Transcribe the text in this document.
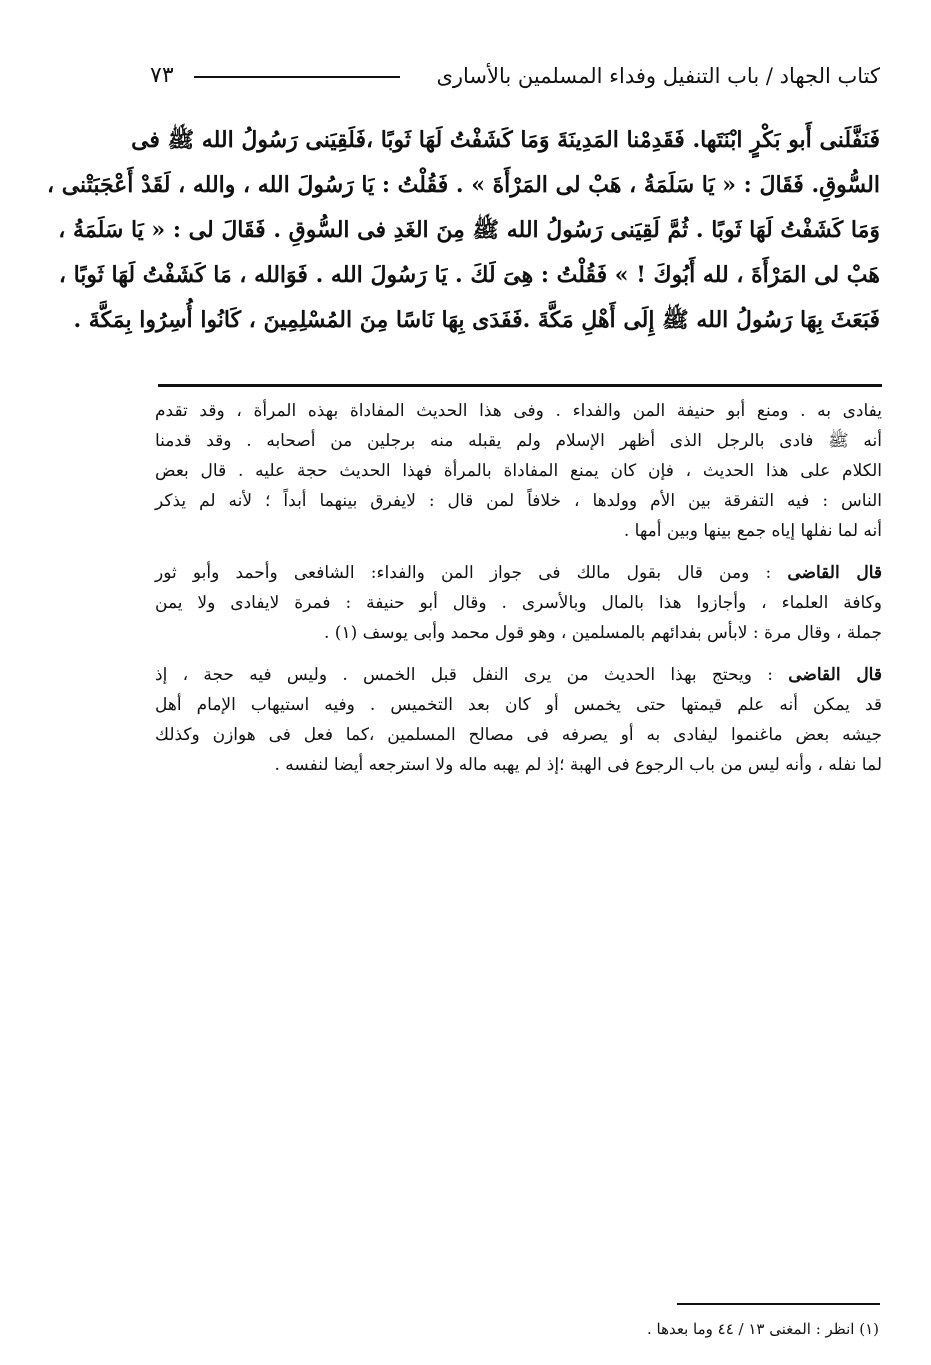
كتاب الجهاد / باب التنفيل وفداء المسلمين بالأسارى
٧٣
فَنَفَّلَنى أَبو بَكْرٍ ابْنَتَها. فَقَدِمْنا المَدِينَةَ وَمَا كَشَفْتُ لَهَا ثَوبًا ،فَلَقِيَنى رَسُولُ الله ﷺ فى
السُّوقِ. فَقَالَ : « يَا سَلَمَةُ ، هَبْ لى المَرْأَةَ » . فَقُلْتُ : يَا رَسُولَ الله ، والله ، لَقَدْ أَعْجَبَتْنى ،
وَمَا كَشَفْتُ لَهَا ثَوبًا . ثُمَّ لَقِيَنى رَسُولُ الله ﷺ مِنَ الغَدِ فى السُّوقِ . فَقَالَ لى : « يَا سَلَمَةُ ،
هَبْ لى المَرْأَةَ ، لله أَبُوكَ ! » فَقُلْتُ : هِىَ لَكَ . يَا رَسُولَ الله . فَوَالله ، مَا كَشَفْتُ لَهَا ثَوبًا ،
فَبَعَثَ بِهَا رَسُولُ الله ﷺ إِلَى أَهْلِ مَكَّةَ .فَفَدَى بِهَا نَاسًا مِنَ المُسْلِمِينَ ، كَانُوا أُسِرُوا بِمَكَّةَ .
يفادى به . ومنع أبو حنيفة المن والفداء . وفى هذا الحديث المفاداة بهذه المرأة ، وقد تقدم
أنه ﷺ فادى بالرجل الذى أظهر الإسلام ولم يقبله منه برجلين من أصحابه . وقد قدمنا
الكلام على هذا الحديث ، فإن كان يمنع المفاداة بالمرأة فهذا الحديث حجة عليه . قال بعض
الناس : فيه التفرقة بين الأم وولدها ، خلافاً لمن قال : لايفرق بينهما أبداً ؛ لأنه لم يذكر
أنه لما نفلها إياه جمع بينها وبين أمها .
قال القاضى : ومن قال بقول مالك فى جواز المن والفداء: الشافعى وأحمد وأبو ثور
وكافة العلماء ، وأجازوا هذا بالمال وبالأسرى . وقال أبو حنيفة : فمرة لايفادى ولا يمن
جملة ، وقال مرة : لابأس بفدائهم بالمسلمين ، وهو قول محمد وأبى يوسف (١) .
قال القاضى : ويحتج بهذا الحديث من يرى النفل قبل الخمس . وليس فيه حجة ، إذ
قد يمكن أنه علم قيمتها حتى يخمس أو كان بعد التخميس . وفيه استيهاب الإمام أهل
جيشه بعض ماغنموا ليفادى به أو يصرفه فى مصالح المسلمين ،كما فعل فى هوازن وكذلك
لما نفله ، وأنه ليس من باب الرجوع فى الهبة ؛إذ لم يهبه ماله ولا استرجعه أيضا لنفسه .
(١) انظر : المغنى ١٣ / ٤٤ وما بعدها .
